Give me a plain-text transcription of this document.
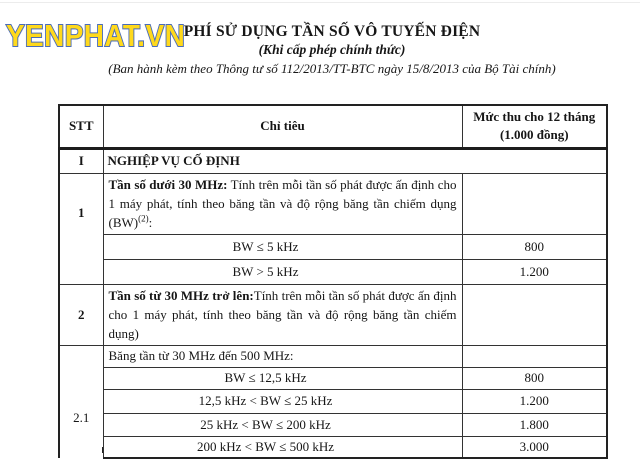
YENPHAT.VN
PHÍ SỬ DỤNG TẦN SỐ VÔ TUYẾN ĐIỆN
(Khi cấp phép chính thức)
(Ban hành kèm theo Thông tư số 112/2013/TT-BTC ngày 15/8/2013 của Bộ Tài chính)
STT	Chỉ tiêu	Mức thu cho 12 tháng (1.000 đồng)
I	NGHIỆP VỤ CỐ ĐỊNH	
1	Tần số dưới 30 MHz: Tính trên mỗi tần số phát được ấn định cho 1 máy phát, tính theo băng tần và độ rộng băng tần chiếm dụng (BW)$^{(2)}$:	
	BW ≤ 5 kHz	800
	BW > 5 kHz	1.200
2	Tần số từ 30 MHz trở lên:Tính trên mỗi tần số phát được ấn định cho 1 máy phát, tính theo băng tần và độ rộng băng tần chiếm dụng)	
2.1	Băng tần từ 30 MHz đến 500 MHz:	
	BW ≤ 12,5 kHz	800
	12,5 kHz < BW ≤ 25 kHz	1.200
	25 kHz < BW ≤ 200 kHz	1.800
	200 kHz < BW ≤ 500 kHz	3.000
